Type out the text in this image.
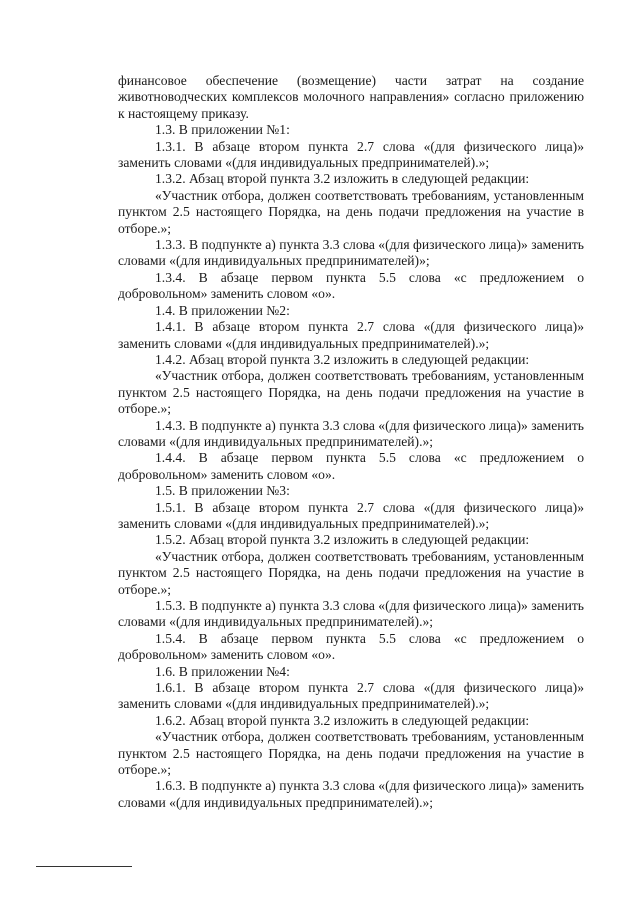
финансовое обеспечение (возмещение) части затрат на создание животноводческих комплексов молочного направления» согласно приложению к настоящему приказу.

1.3. В приложении №1:

1.3.1. В абзаце втором пункта 2.7 слова «(для физического лица)» заменить словами «(для индивидуальных предпринимателей).»;

1.3.2. Абзац второй пункта 3.2 изложить в следующей редакции:

«Участник отбора, должен соответствовать требованиям, установленным пунктом 2.5 настоящего Порядка, на день подачи предложения на участие в отборе.»;

1.3.3. В подпункте а) пункта 3.3 слова «(для физического лица)» заменить словами «(для индивидуальных предпринимателей)»;

1.3.4. В абзаце первом пункта 5.5 слова «с предложением о добровольном» заменить словом «о».

1.4. В приложении №2:

1.4.1. В абзаце втором пункта 2.7 слова «(для физического лица)» заменить словами «(для индивидуальных предпринимателей).»;

1.4.2. Абзац второй пункта 3.2 изложить в следующей редакции:

«Участник отбора, должен соответствовать требованиям, установленным пунктом 2.5 настоящего Порядка, на день подачи предложения на участие в отборе.»;

1.4.3. В подпункте а) пункта 3.3 слова «(для физического лица)» заменить словами «(для индивидуальных предпринимателей).»;

1.4.4. В абзаце первом пункта 5.5 слова «с предложением о добровольном» заменить словом «о».

1.5. В приложении №3:

1.5.1. В абзаце втором пункта 2.7 слова «(для физического лица)» заменить словами «(для индивидуальных предпринимателей).»;

1.5.2. Абзац второй пункта 3.2 изложить в следующей редакции:

«Участник отбора, должен соответствовать требованиям, установленным пунктом 2.5 настоящего Порядка, на день подачи предложения на участие в отборе.»;

1.5.3. В подпункте а) пункта 3.3 слова «(для физического лица)» заменить словами «(для индивидуальных предпринимателей).»;

1.5.4. В абзаце первом пункта 5.5 слова «с предложением о добровольном» заменить словом «о».

1.6. В приложении №4:

1.6.1. В абзаце втором пункта 2.7 слова «(для физического лица)» заменить словами «(для индивидуальных предпринимателей).»;

1.6.2. Абзац второй пункта 3.2 изложить в следующей редакции:

«Участник отбора, должен соответствовать требованиям, установленным пунктом 2.5 настоящего Порядка, на день подачи предложения на участие в отборе.»;

1.6.3. В подпункте а) пункта 3.3 слова «(для физического лица)» заменить словами «(для индивидуальных предпринимателей).»;
